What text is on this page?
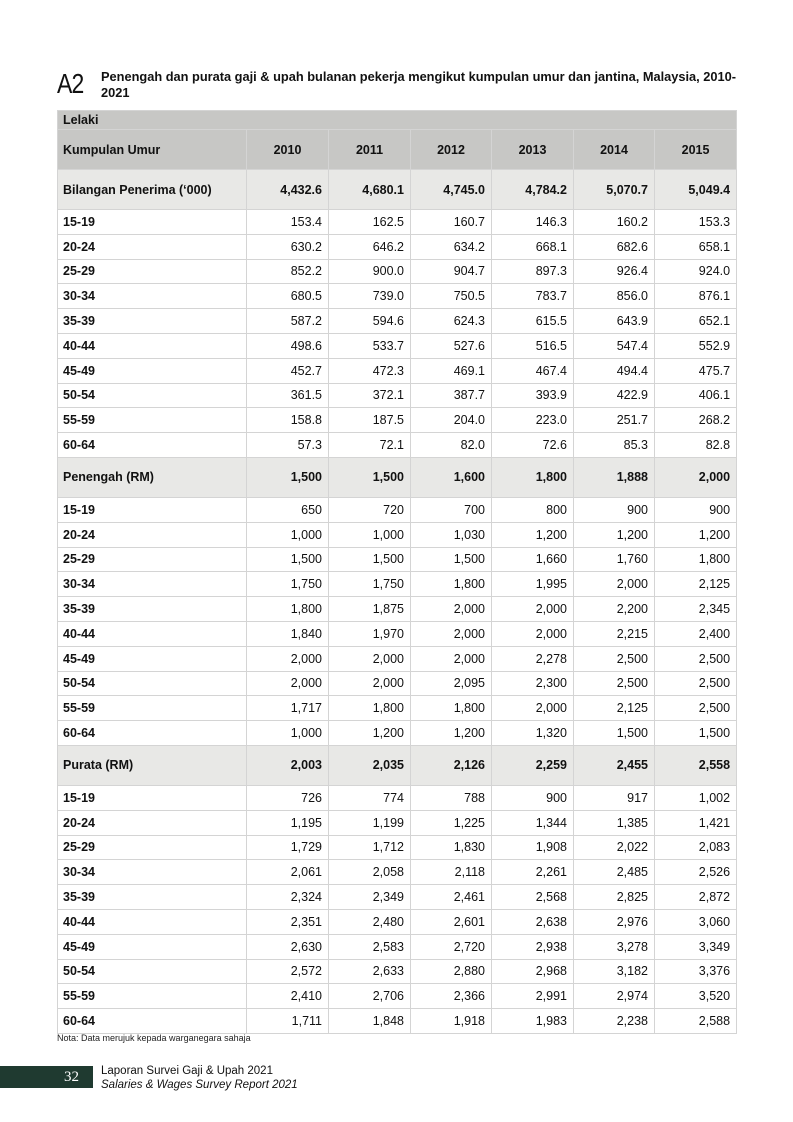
A2 Penengah dan purata gaji & upah bulanan pekerja mengikut kumpulan umur dan jantina, Malaysia, 2010-2021
Lelaki						
Kumpulan Umur	2010	2011	2012	2013	2014	2015
Bilangan Penerima (‘000)	4,432.6	4,680.1	4,745.0	4,784.2	5,070.7	5,049.4
15-19	153.4	162.5	160.7	146.3	160.2	153.3
20-24	630.2	646.2	634.2	668.1	682.6	658.1
25-29	852.2	900.0	904.7	897.3	926.4	924.0
30-34	680.5	739.0	750.5	783.7	856.0	876.1
35-39	587.2	594.6	624.3	615.5	643.9	652.1
40-44	498.6	533.7	527.6	516.5	547.4	552.9
45-49	452.7	472.3	469.1	467.4	494.4	475.7
50-54	361.5	372.1	387.7	393.9	422.9	406.1
55-59	158.8	187.5	204.0	223.0	251.7	268.2
60-64	57.3	72.1	82.0	72.6	85.3	82.8
Penengah (RM)	1,500	1,500	1,600	1,800	1,888	2,000
15-19	650	720	700	800	900	900
20-24	1,000	1,000	1,030	1,200	1,200	1,200
25-29	1,500	1,500	1,500	1,660	1,760	1,800
30-34	1,750	1,750	1,800	1,995	2,000	2,125
35-39	1,800	1,875	2,000	2,000	2,200	2,345
40-44	1,840	1,970	2,000	2,000	2,215	2,400
45-49	2,000	2,000	2,000	2,278	2,500	2,500
50-54	2,000	2,000	2,095	2,300	2,500	2,500
55-59	1,717	1,800	1,800	2,000	2,125	2,500
60-64	1,000	1,200	1,200	1,320	1,500	1,500
Purata (RM)	2,003	2,035	2,126	2,259	2,455	2,558
15-19	726	774	788	900	917	1,002
20-24	1,195	1,199	1,225	1,344	1,385	1,421
25-29	1,729	1,712	1,830	1,908	2,022	2,083
30-34	2,061	2,058	2,118	2,261	2,485	2,526
35-39	2,324	2,349	2,461	2,568	2,825	2,872
40-44	2,351	2,480	2,601	2,638	2,976	3,060
45-49	2,630	2,583	2,720	2,938	3,278	3,349
50-54	2,572	2,633	2,880	2,968	3,182	3,376
55-59	2,410	2,706	2,366	2,991	2,974	3,520
60-64	1,711	1,848	1,918	1,983	2,238	2,588
Nota: Data merujuk kepada warganegara sahaja
32	Laporan Survei Gaji & Upah 2021
Salaries & Wages Survey Report 2021
